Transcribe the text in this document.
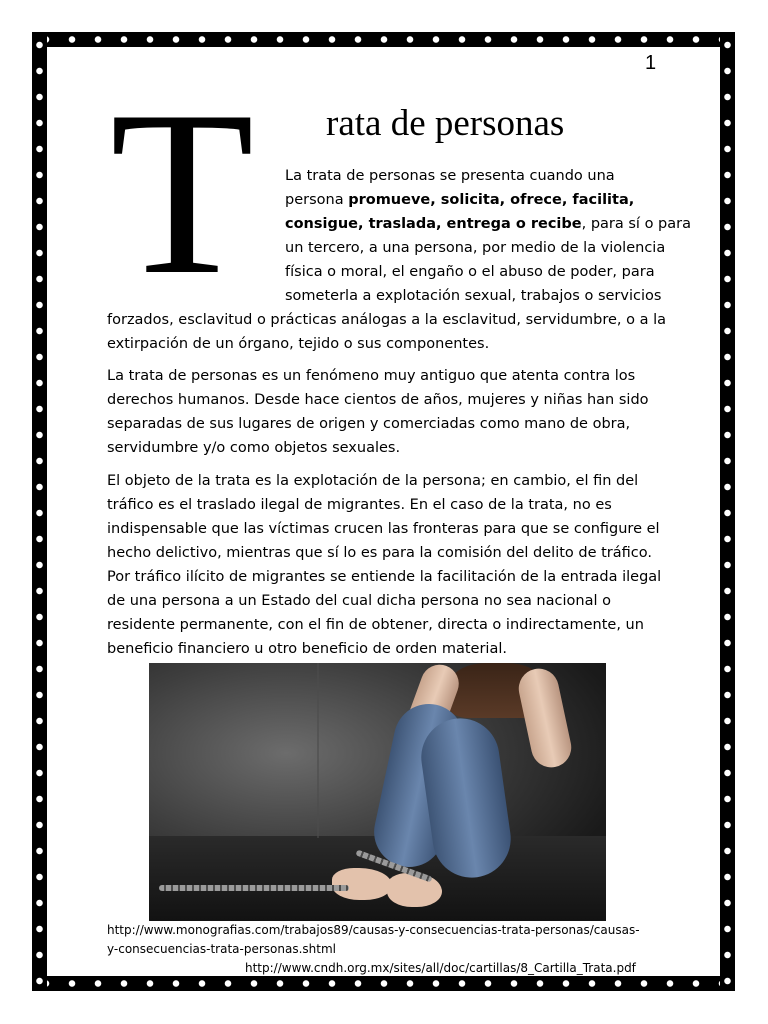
1
T rata de personas
La trata de personas se presenta cuando una
persona promueve, solicita, ofrece, facilita,
consigue, traslada, entrega o recibe, para sí o para
un tercero, a una persona, por medio de la violencia
física o moral, el engaño o el abuso de poder, para
someterla a explotación sexual, trabajos o servicios
forzados, esclavitud o prácticas análogas a la esclavitud, servidumbre, o a la
extirpación de un órgano, tejido o sus componentes.
La trata de personas es un fenómeno muy antiguo que atenta contra los
derechos humanos. Desde hace cientos de años, mujeres y niñas han sido
separadas de sus lugares de origen y comerciadas como mano de obra,
servidumbre y/o como objetos sexuales.
El objeto de la trata es la explotación de la persona; en cambio, el fin del
tráfico es el traslado ilegal de migrantes. En el caso de la trata, no es
indispensable que las víctimas crucen las fronteras para que se configure el
hecho delictivo, mientras que sí lo es para la comisión del delito de tráfico.
Por tráfico ilícito de migrantes se entiende la facilitación de la entrada ilegal
de una persona a un Estado del cual dicha persona no sea nacional o
residente permanente, con el fin de obtener, directa o indirectamente, un
beneficio financiero u otro beneficio de orden material.
http://www.monografias.com/trabajos89/causas-y-consecuencias-trata-personas/causas-
y-consecuencias-trata-personas.shtml
http://www.cndh.org.mx/sites/all/doc/cartillas/8_Cartilla_Trata.pdf
